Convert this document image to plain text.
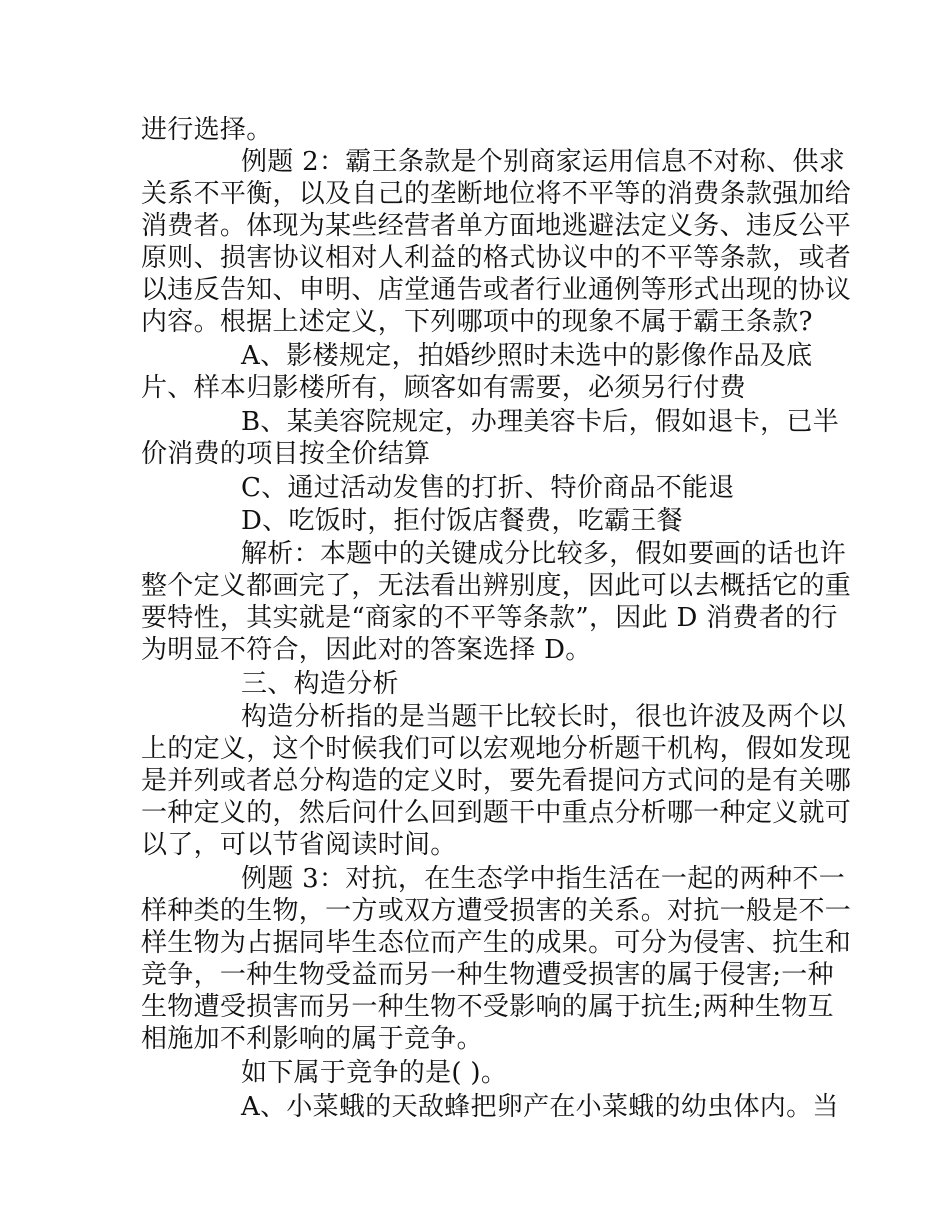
进行选择。
例题 2：霸王条款是个别商家运用信息不对称、供求
关系不平衡，以及自己的垄断地位将不平等的消费条款强加给
消费者。体现为某些经营者单方面地逃避法定义务、违反公平
原则、损害协议相对人利益的格式协议中的不平等条款，或者
以违反告知、申明、店堂通告或者行业通例等形式出现的协议
内容。根据上述定义，下列哪项中的现象不属于霸王条款?
A、影楼规定，拍婚纱照时未选中的影像作品及底
片、样本归影楼所有，顾客如有需要，必须另行付费
B、某美容院规定，办理美容卡后，假如退卡，已半
价消费的项目按全价结算
C、通过活动发售的打折、特价商品不能退
D、吃饭时，拒付饭店餐费，吃霸王餐
解析：本题中的关键成分比较多，假如要画的话也许
整个定义都画完了，无法看出辨别度，因此可以去概括它的重
要特性，其实就是“商家的不平等条款”，因此 D 消费者的行
为明显不符合，因此对的答案选择 D。
三、构造分析
构造分析指的是当题干比较长时，很也许波及两个以
上的定义，这个时候我们可以宏观地分析题干机构，假如发现
是并列或者总分构造的定义时，要先看提问方式问的是有关哪
一种定义的，然后问什么回到题干中重点分析哪一种定义就可
以了，可以节省阅读时间。
例题 3：对抗，在生态学中指生活在一起的两种不一
样种类的生物，一方或双方遭受损害的关系。对抗一般是不一
样生物为占据同毕生态位而产生的成果。可分为侵害、抗生和
竞争，一种生物受益而另一种生物遭受损害的属于侵害;一种
生物遭受损害而另一种生物不受影响的属于抗生;两种生物互
相施加不利影响的属于竞争。
如下属于竞争的是( )。
A、小菜蛾的天敌蜂把卵产在小菜蛾的幼虫体内。当
